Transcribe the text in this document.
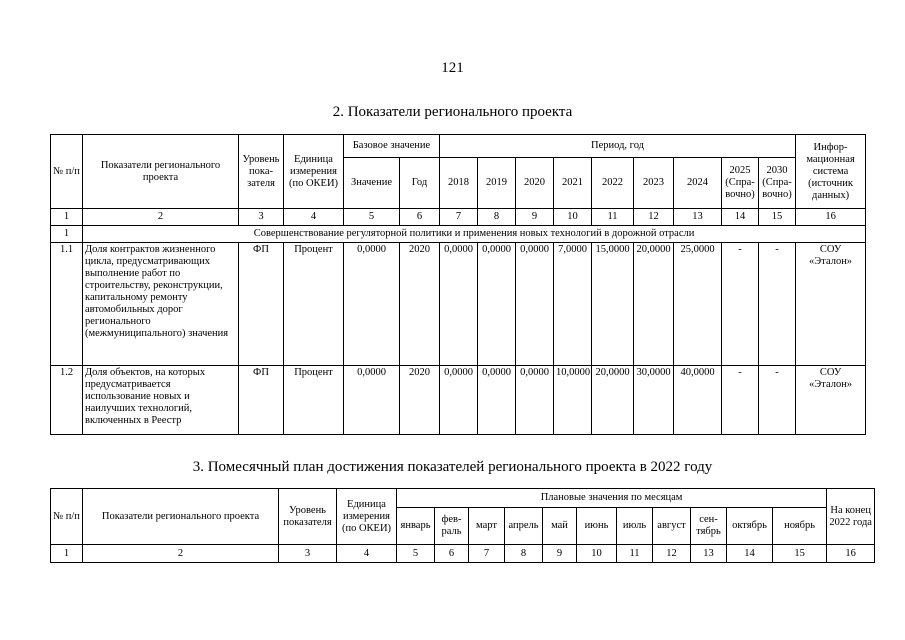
121
2. Показатели регионального проекта
№ п/п	Показатели регионального проекта	Уровень пока-зателя	Единица измерения (по ОКЕИ)	Базовое значение		Период, год									Инфор-мационная система (источник данных)
				Значение	Год	2018	2019	2020	2021	2022	2023	2024	2025 (Спра-вочно)	2030 (Спра-вочно)	
1	2	3	4	5	6	7	8	9	10	11	12	13	14	15	16
1	Совершенствование регуляторной политики и применения новых технологий в дорожной отрасли														
1.1	Доля контрактов жизненного цикла, предусматривающих выполнение работ по строительству, реконструкции, капитальному ремонту автомобильных дорог регионального (межмуниципального) значения	ФП	Процент	0,0000	2020	0,0000	0,0000	0,0000	7,0000	15,0000	20,0000	25,0000	-	-	СОУ «Эталон»
1.2	Доля объектов, на которых предусматривается использование новых и наилучших технологий, включенных в Реестр	ФП	Процент	0,0000	2020	0,0000	0,0000	0,0000	10,0000	20,0000	30,0000	40,0000	-	-	СОУ «Эталон»
3. Помесячный план достижения показателей регионального проекта в 2022 году
№ п/п	Показатели регионального проекта	Уровень показателя	Единица измерения (по ОКЕИ)	Плановые значения по месяцам											На конец 2022 года
				январь	фев-раль	март	апрель	май	июнь	июль	август	сен-тябрь	октябрь	ноябрь	
1	2	3	4	5	6	7	8	9	10	11	12	13	14	15	16
